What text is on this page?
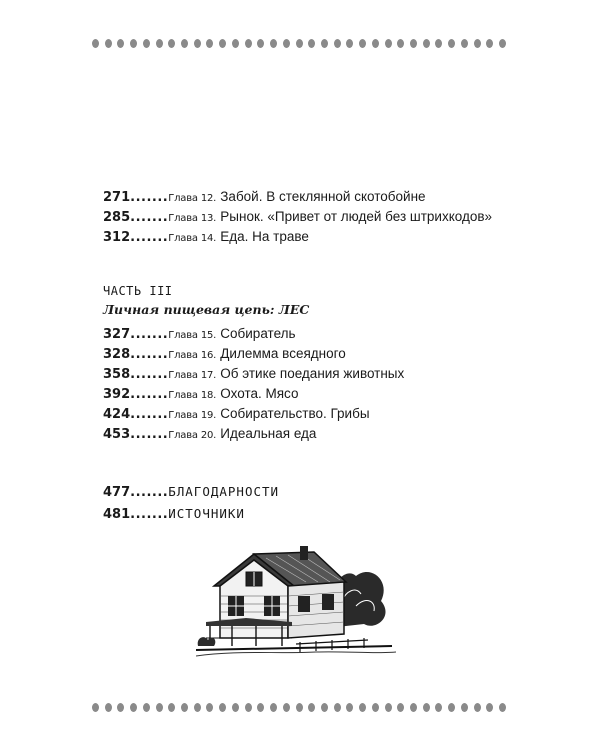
271.......Глава 12. Забой. В стеклянной скотобойне
285.......Глава 13. Рынок. «Привет от людей без штрихкодов»
312.......Глава 14. Еда. На траве
ЧАСТЬ III
Личная пищевая цепь: ЛЕС
327.......Глава 15. Собиратель
328.......Глава 16. Дилемма всеядного
358.......Глава 17. Об этике поедания животных
392.......Глава 18. Охота. Мясо
424.......Глава 19. Собирательство. Грибы
453.......Глава 20. Идеальная еда
477.......БЛАГОДАРНОСТИ
481.......ИСТОЧНИКИ
